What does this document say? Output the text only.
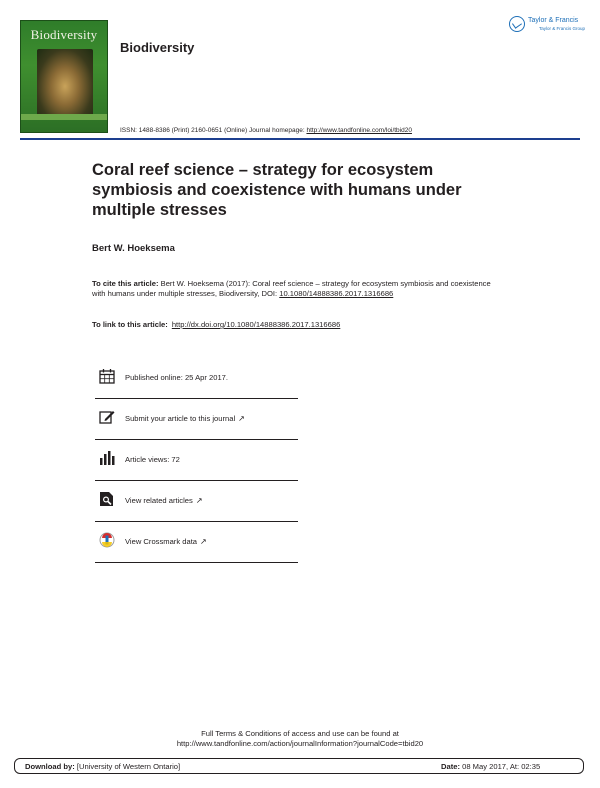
Biodiversity
Biodiversity
Taylor & Francis
Taylor & Francis Group
ISSN: 1488-8386 (Print) 2160-0651 (Online) Journal homepage: http://www.tandfonline.com/loi/tbid20
Coral reef science – strategy for ecosystem symbiosis and coexistence with humans under multiple stresses
Bert W. Hoeksema
To cite this article: Bert W. Hoeksema (2017): Coral reef science – strategy for ecosystem symbiosis and coexistence with humans under multiple stresses, Biodiversity, DOI: 10.1080/14888386.2017.1316686
To link to this article: http://dx.doi.org/10.1080/14888386.2017.1316686
Published online: 25 Apr 2017.
Submit your article to this journal ↗
Article views: 72
View related articles ↗
View Crossmark data ↗
Full Terms & Conditions of access and use can be found at
http://www.tandfonline.com/action/journalInformation?journalCode=tbid20
Download by: [University of Western Ontario]	Date: 08 May 2017, At: 02:35
